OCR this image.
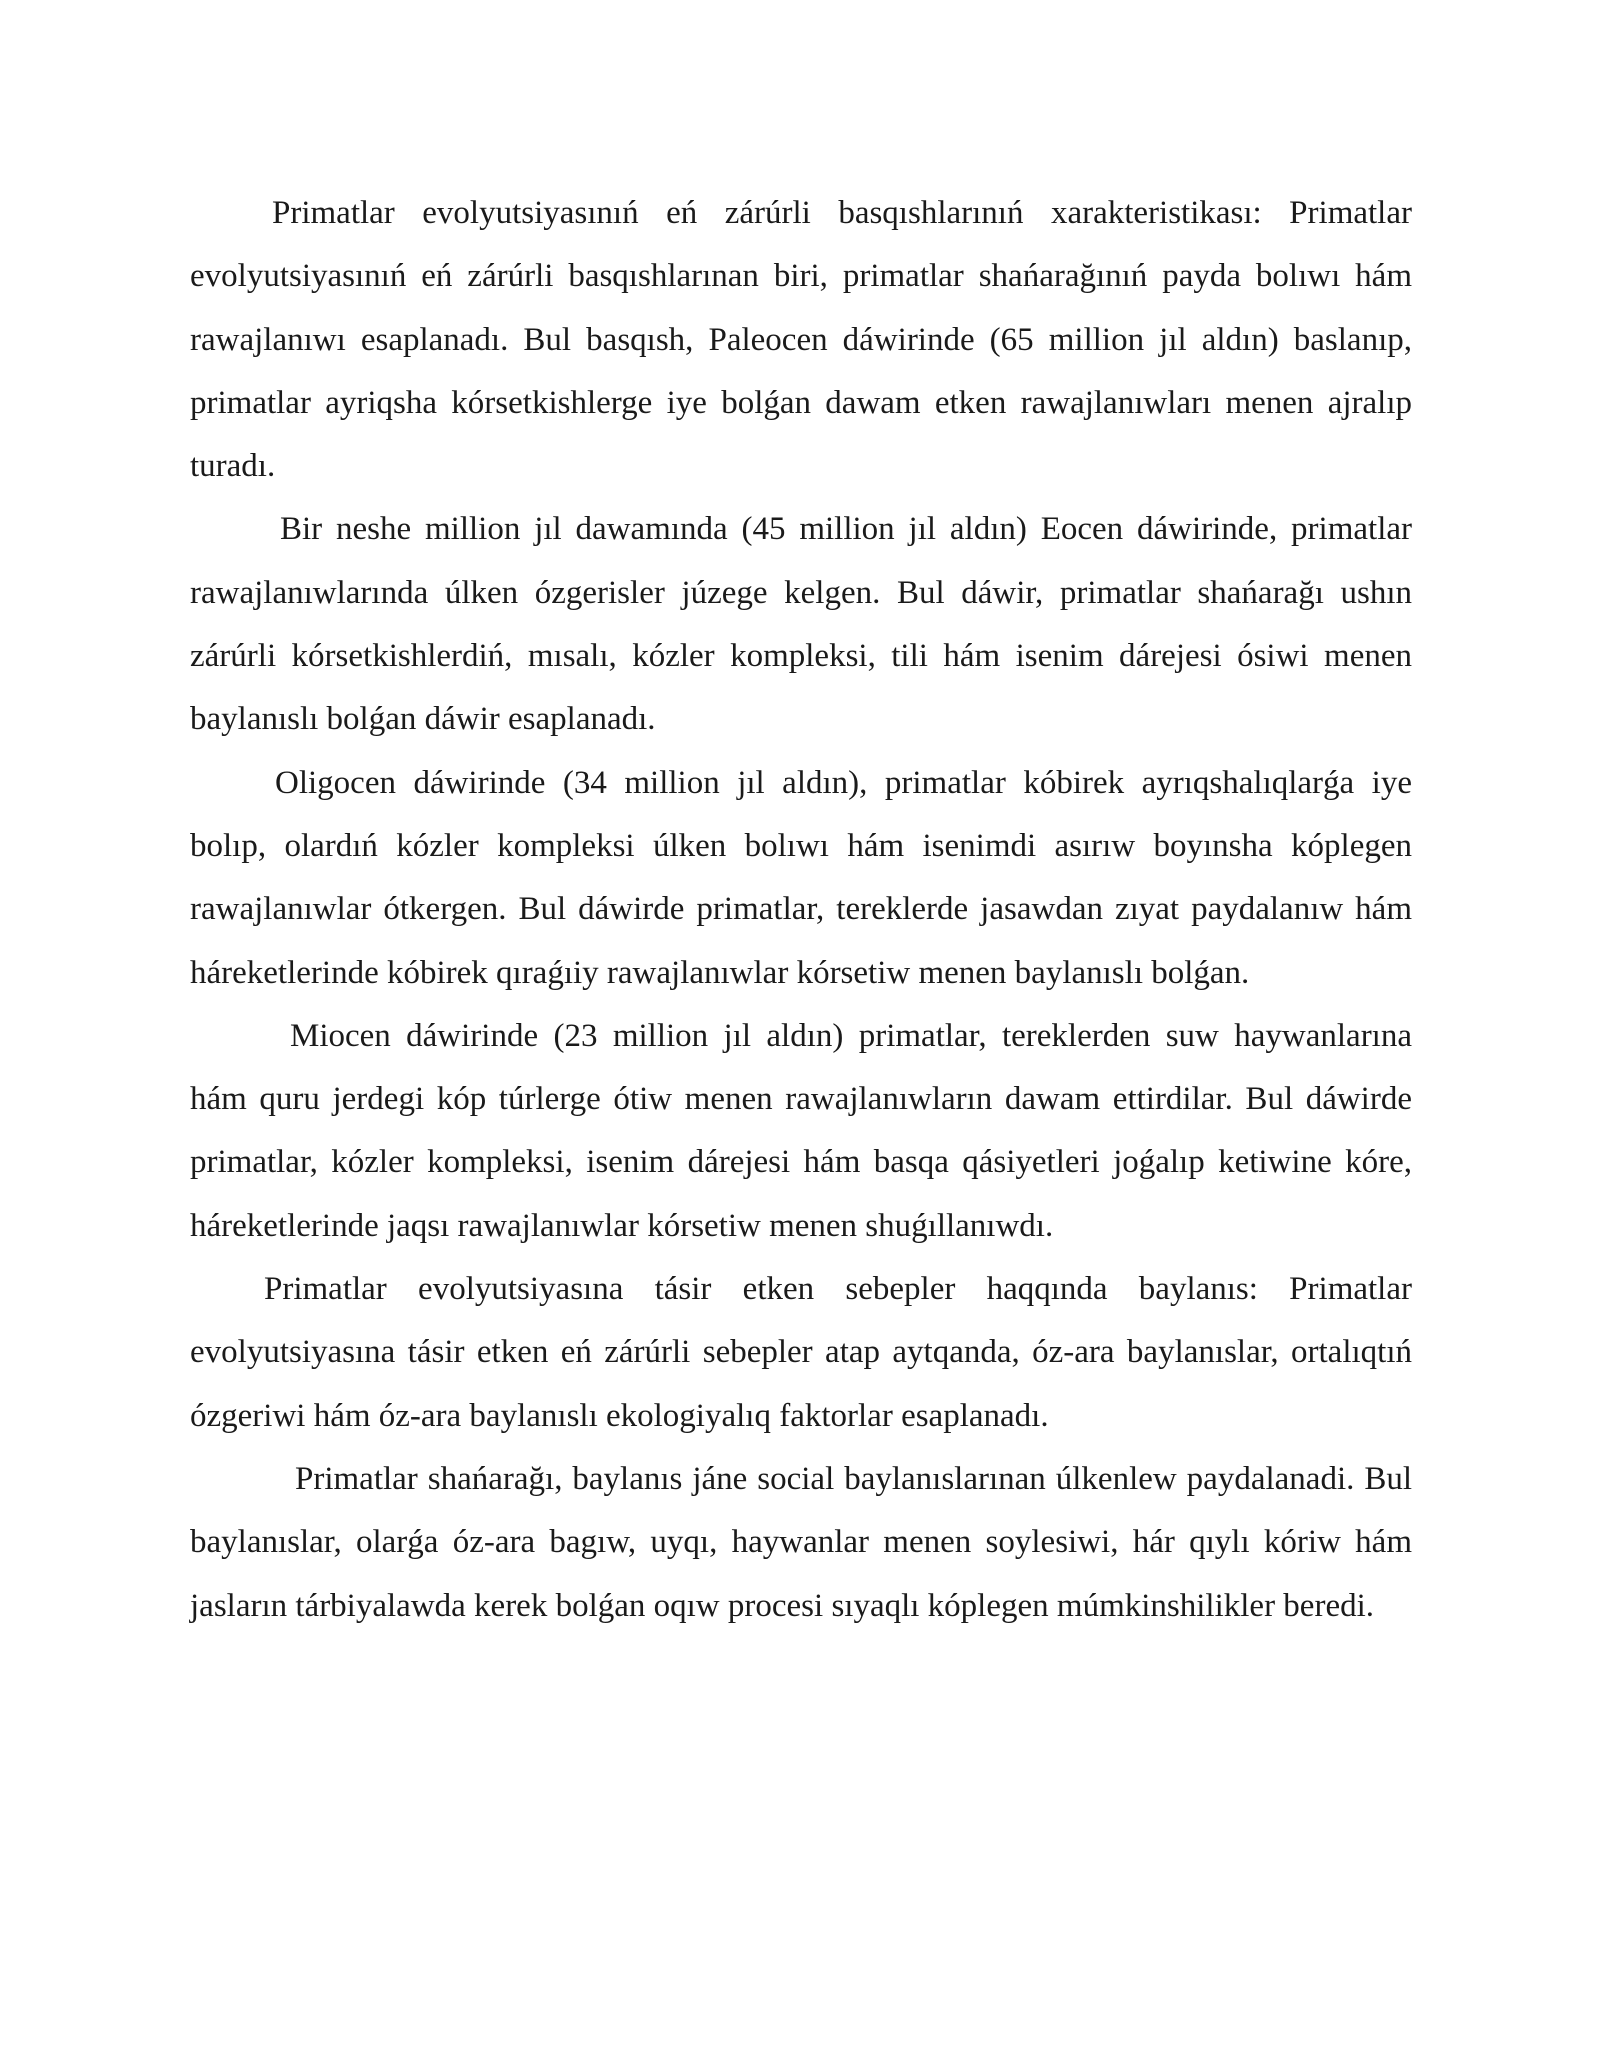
Primatlar evolyutsiyasınıń eń zárúrli basqıshlarınıń xarakteristikası: Primatlar evolyutsiyasınıń eń zárúrli basqıshlarınan biri, primatlar shańarağınıń payda bolıwı hám rawajlanıwı esaplanadı. Bul basqısh, Paleocen dáwirinde (65 million jıl aldın) baslanıp, primatlar ayriqsha kórsetkishlerge iye bolǵan dawam etken rawajlanıwları menen ajralıp turadı.

Bir neshe million jıl dawamında (45 million jıl aldın) Eocen dáwirinde, primatlar rawajlanıwlarında úlken ózgerisler júzege kelgen. Bul dáwir, primatlar shańarağı ushın zárúrli kórsetkishlerdiń, mısalı, kózler kompleksi, tili hám isenim dárejesi ósiwi menen baylanıslı bolǵan dáwir esaplanadı.

Oligocen dáwirinde (34 million jıl aldın), primatlar kóbirek ayrıqshalıqlarǵa iye bolıp, olardıń kózler kompleksi úlken bolıwı hám isenimdi asırıw boyınsha kóplegen rawajlanıwlar ótkergen. Bul dáwirde primatlar, tereklerde jasawdan zıyat paydalanıw hám háreketlerinde kóbirek qıraǵıiy rawajlanıwlar kórsetiw menen baylanıslı bolǵan.

Miocen dáwirinde (23 million jıl aldın) primatlar, tereklerden suw haywanlarına hám quru jerdegi kóp túrlerge ótiw menen rawajlanıwların dawam ettirdilar. Bul dáwirde primatlar, kózler kompleksi, isenim dárejesi hám basqa qásiyetleri joǵalıp ketiwine kóre, háreketlerinde jaqsı rawajlanıwlar kórsetiw menen shuǵıllanıwdı.

Primatlar evolyutsiyasına tásir etken sebepler haqqında baylanıs: Primatlar evolyutsiyasına tásir etken eń zárúrli sebepler atap aytqanda, óz-ara baylanıslar, ortalıqtıń ózgeriwi hám óz-ara baylanıslı ekologiyalıq faktorlar esaplanadı.

Primatlar shańarağı, baylanıs jáne social baylanıslarınan úlkenlew paydalanadi. Bul baylanıslar, olarǵa óz-ara bagıw, uyqı, haywanlar menen soylesiwi, hár qıylı kóriw hám jasların tárbiyalawda kerek bolǵan oqıw procesi sıyaqlı kóplegen múmkinshilikler beredi.
